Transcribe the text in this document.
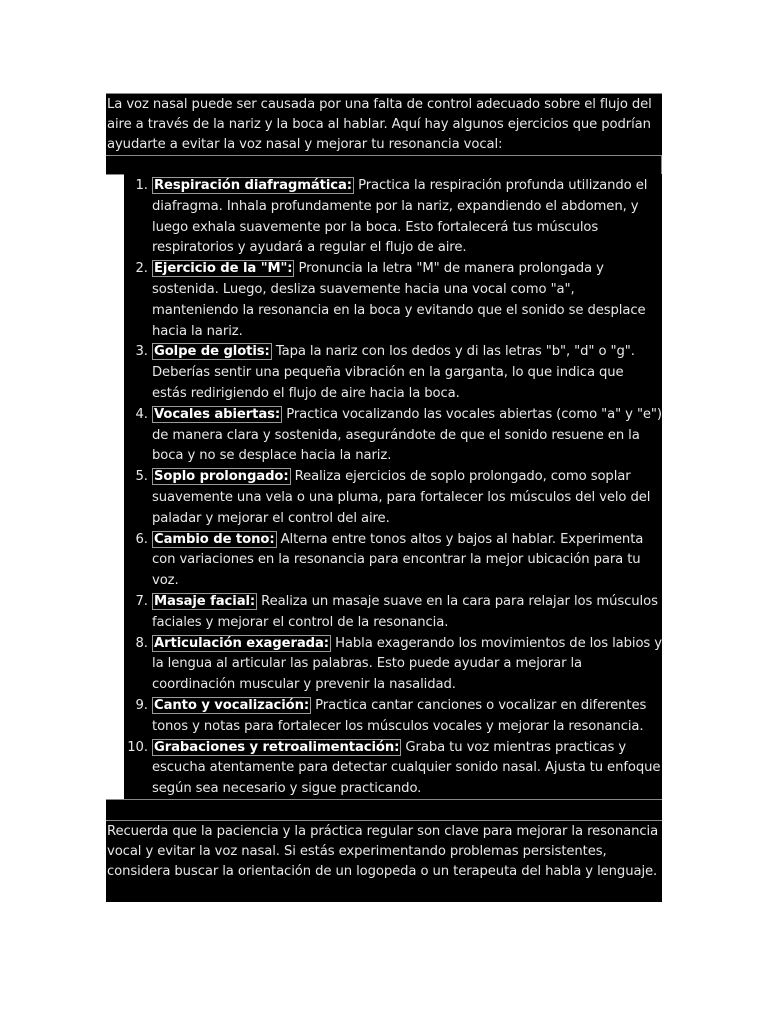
La voz nasal puede ser causada por una falta de control adecuado sobre el flujo del aire a través de la nariz y la boca al hablar. Aquí hay algunos ejercicios que podrían ayudarte a evitar la voz nasal y mejorar tu resonancia vocal:
1. Respiración diafragmática: Practica la respiración profunda utilizando el diafragma. Inhala profundamente por la nariz, expandiendo el abdomen, y luego exhala suavemente por la boca. Esto fortalecerá tus músculos respiratorios y ayudará a regular el flujo de aire.
2. Ejercicio de la "M": Pronuncia la letra "M" de manera prolongada y sostenida. Luego, desliza suavemente hacia una vocal como "a", manteniendo la resonancia en la boca y evitando que el sonido se desplace hacia la nariz.
3. Golpe de glotis: Tapa la nariz con los dedos y di las letras "b", "d" o "g". Deberías sentir una pequeña vibración en la garganta, lo que indica que estás redirigiendo el flujo de aire hacia la boca.
4. Vocales abiertas: Practica vocalizando las vocales abiertas (como "a" y "e") de manera clara y sostenida, asegurándote de que el sonido resuene en la boca y no se desplace hacia la nariz.
5. Soplo prolongado: Realiza ejercicios de soplo prolongado, como soplar suavemente una vela o una pluma, para fortalecer los músculos del velo del paladar y mejorar el control del aire.
6. Cambio de tono: Alterna entre tonos altos y bajos al hablar. Experimenta con variaciones en la resonancia para encontrar la mejor ubicación para tu voz.
7. Masaje facial: Realiza un masaje suave en la cara para relajar los músculos faciales y mejorar el control de la resonancia.
8. Articulación exagerada: Habla exagerando los movimientos de los labios y la lengua al articular las palabras. Esto puede ayudar a mejorar la coordinación muscular y prevenir la nasalidad.
9. Canto y vocalización: Practica cantar canciones o vocalizar en diferentes tonos y notas para fortalecer los músculos vocales y mejorar la resonancia.
10. Grabaciones y retroalimentación: Graba tu voz mientras practicas y escucha atentamente para detectar cualquier sonido nasal. Ajusta tu enfoque según sea necesario y sigue practicando.
Recuerda que la paciencia y la práctica regular son clave para mejorar la resonancia vocal y evitar la voz nasal. Si estás experimentando problemas persistentes, considera buscar la orientación de un logopeda o un terapeuta del habla y lenguaje.
